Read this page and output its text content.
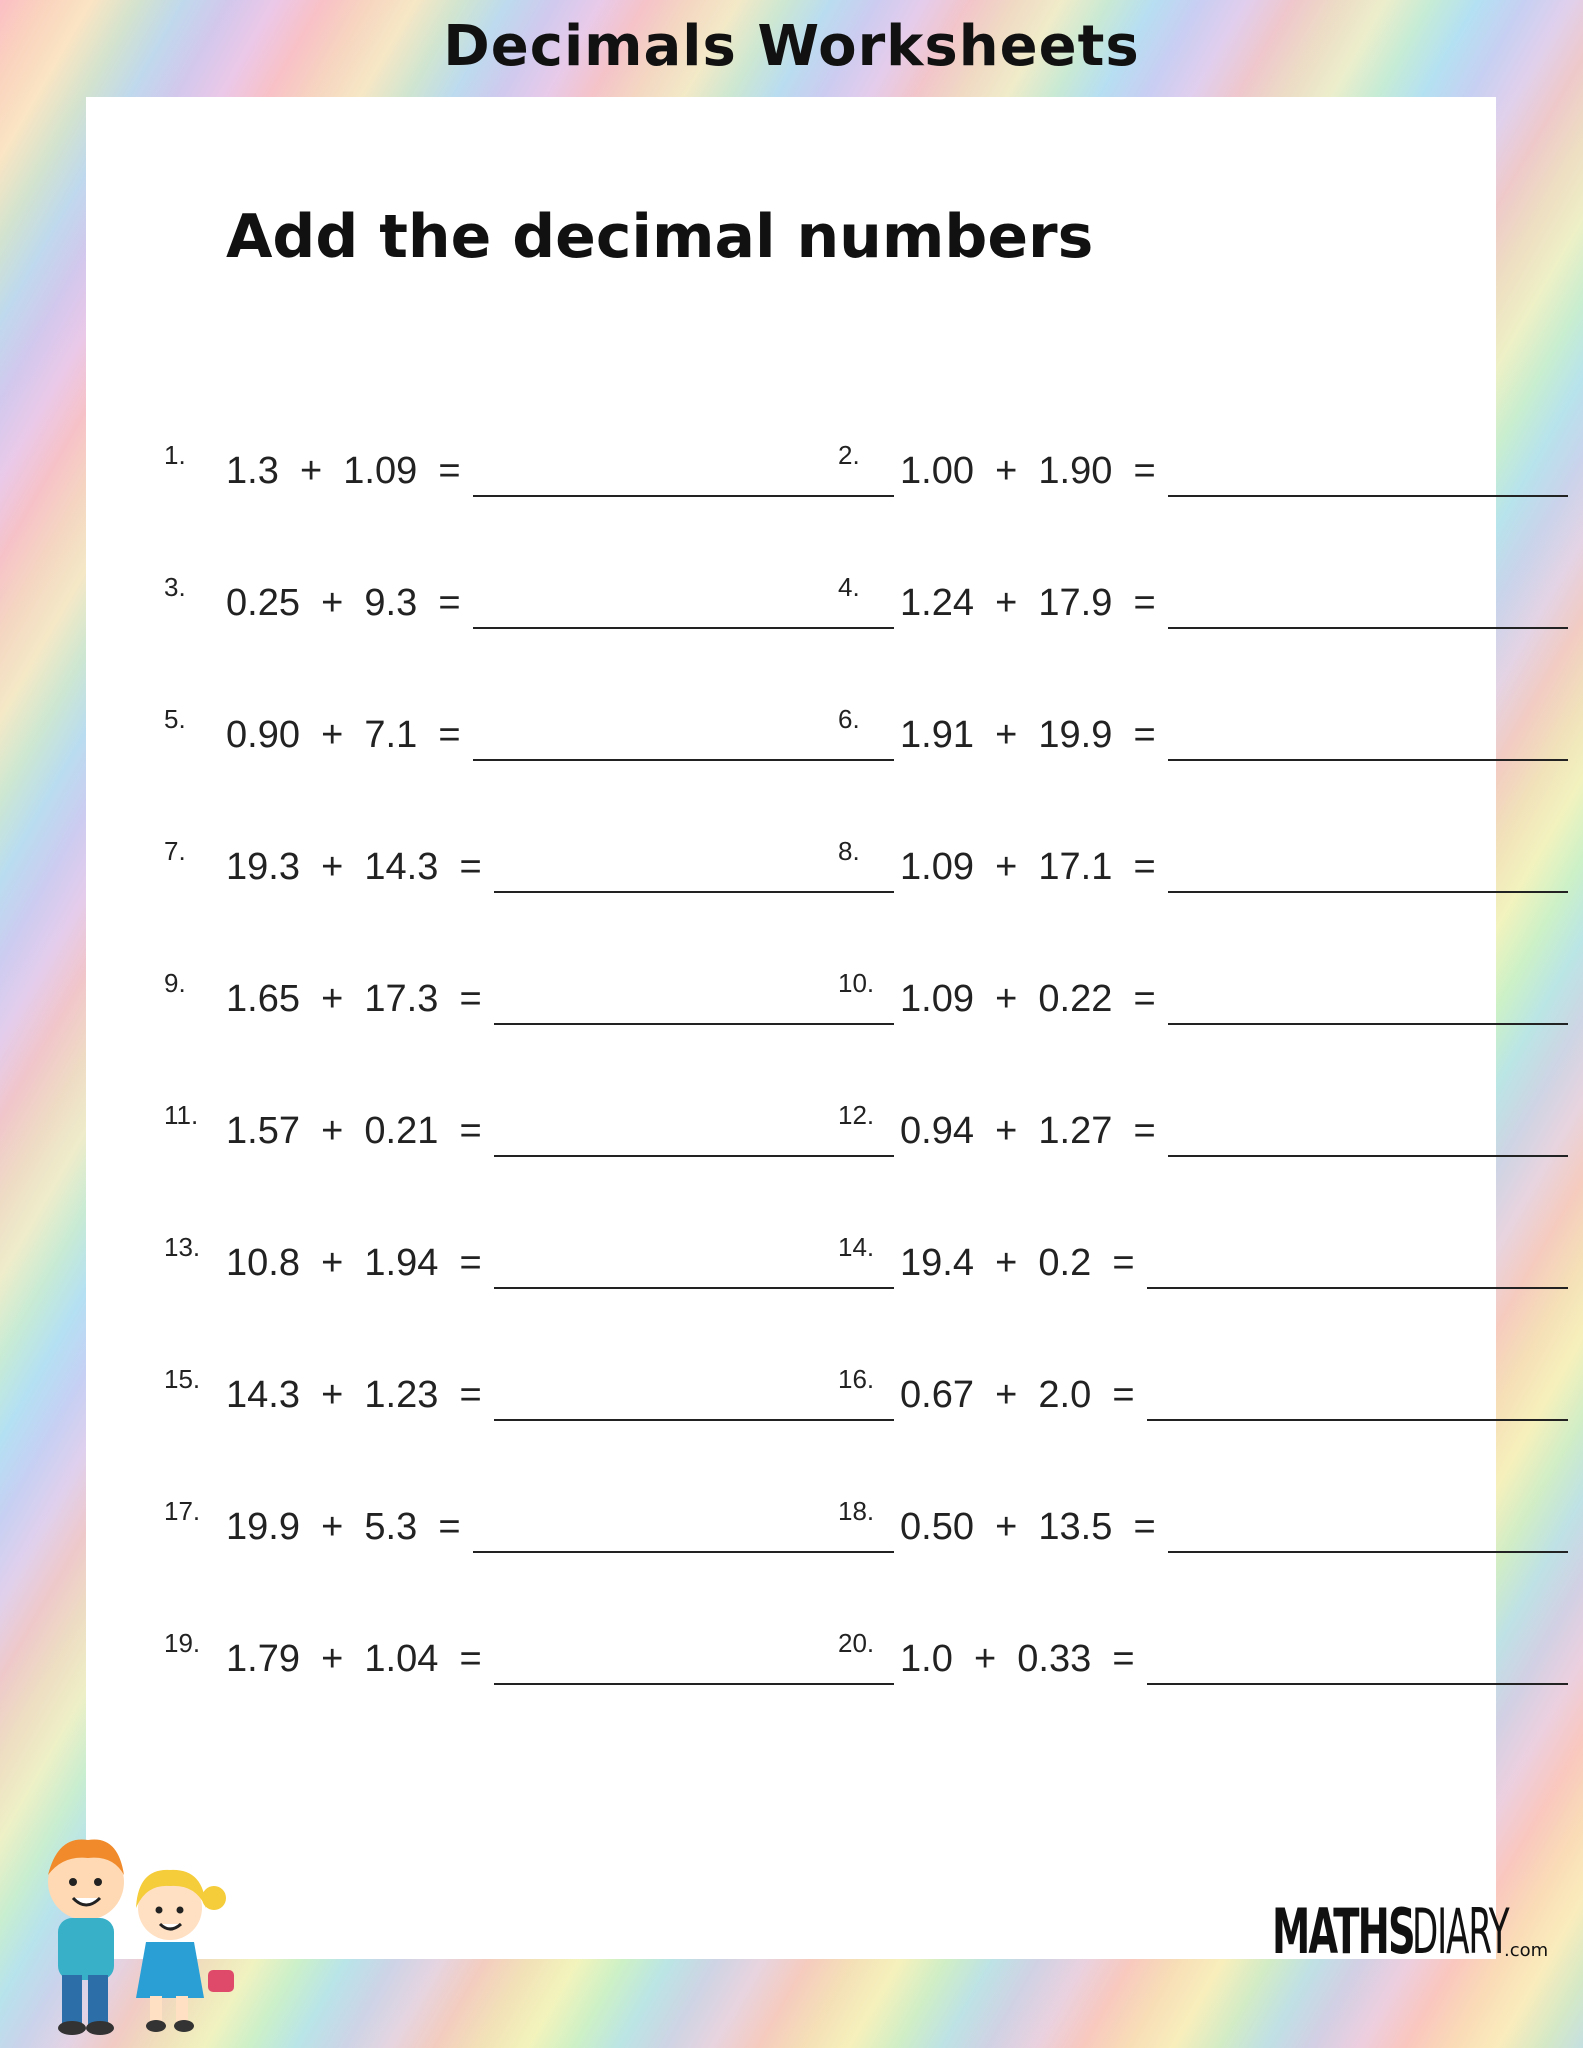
Decimals Worksheets
Add the decimal numbers
1.	1.3  +  1.09  =	2.	1.00  +  1.90  =
3.	0.25  +  9.3  =	4.	1.24  +  17.9  =
5.	0.90  +  7.1  =	6.	1.91  +  19.9  =
7.	19.3  +  14.3  =	8.	1.09  +  17.1  =
9.	1.65  +  17.3  =	10. 1.09  +  0.22  =
11. 1.57  +  0.21  =	12. 0.94  +  1.27  =
13. 10.8  +  1.94  =	14. 19.4  +  0.2  =
15. 14.3  +  1.23  =	16. 0.67  +  2.0  =
17. 19.9  +  5.3  =	18. 0.50  +  13.5  =
19. 1.79  +  1.04  =	20. 1.0  +  0.33  =
MATHS
DIARY
.com
